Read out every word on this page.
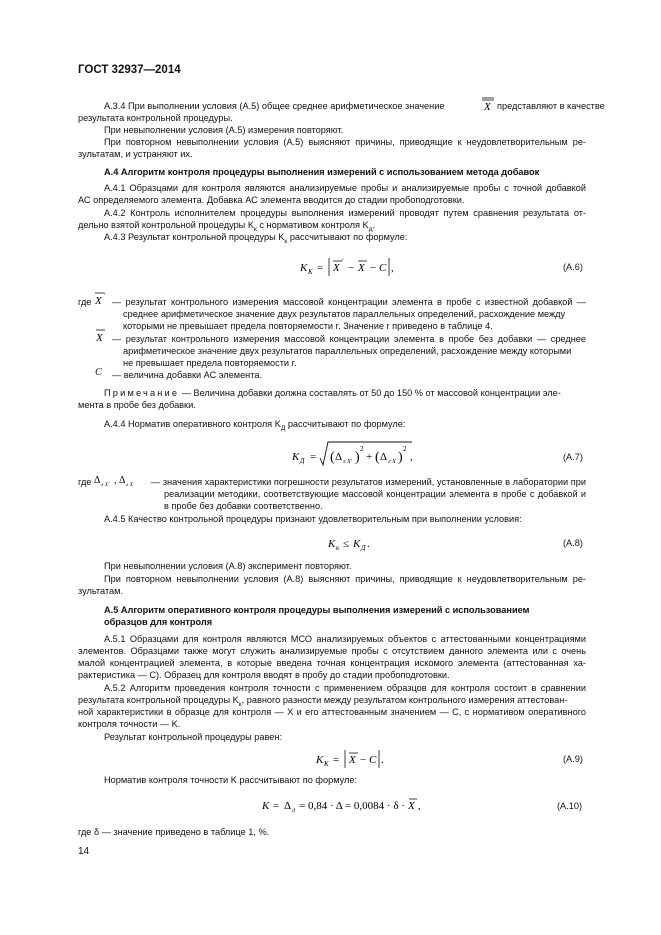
ГОСТ 32937—2014
А.3.4 При выполнении условия (А.5) общее среднее арифметическое значение	X представляют в качестве
результата контрольной процедуры.
При невыполнении условия (А.5) измерения повторяют.
При повторном невыполнении условия (А.5) выясняют причины, приводящие к неудовлетворительным ре-
зультатам, и устраняют их.
А.4 Алгоритм контроля процедуры выполнения измерений с использованием метода добавок
А.4.1 Образцами для контроля являются анализируемые пробы и анализируемые пробы с точной добавкой
АС определяемого элемента. Добавка АС элемента вводится до стадии пробоподготовки.
А.4.2 Контроль исполнителем процедуры выполнения измерений проводят путем сравнения результата от-
дельно взятой контрольной процедуры $K_к$ с нормативом контроля $K_д$.
А.4.3 Результат контрольной процедуры $K_к$ рассчитывают по формуле:
K K = X
′
− X − C ,	(А.6)
где X ′
— результат контрольного измерения массовой концентрации элемента в пробе с известной добавкой —
среднее арифметическое значение двух результатов параллельных определений, расхождение между
которыми не превышает предела повторяемости r. Значение r приведено в таблице 4.
X — результат контрольного измерения массовой концентрации элемента в пробе без добавки — среднее
арифметическое значение двух результатов параллельных определений, расхождение между которыми
не превышает предела повторяемости r.
C — величина добавки АС элемента.
Примечание — Величина добавки должна составлять от 50 до 150 % от массовой концентрации эле-
мента в пробе без добавки.
А.4.4 Норматив оперативного контроля $K_Д$ рассчитывают по формуле:
K Д = ( Δ л X′ )
2
+ ( Δ л X )
2
,	(А.7)
где Δ л X′ , Δ л X — значения характеристики погрешности результатов измерений, установленные в лаборатории при
реализации методики, соответствующие массовой концентрации элемента в пробе с добавкой и
в пробе без добавки соответственно.
А.4.5 Качество контрольной процедуры признают удовлетворительным при выполнении условия:
K к ≤ K Д .	(А.8)
При невыполнении условия (А.8) эксперимент повторяют.
При повторном невыполнении условия (А.8) выясняют причины, приводящие к неудовлетворительным ре-
зультатам.
А.5 Алгоритм оперативного контроля процедуры выполнения измерений с использованием
образцов для контроля
А.5.1 Образцами для контроля являются МСО анализируемых объектов с аттестованными концентрациями
элементов. Образцами также могут служить анализируемые пробы с отсутствием данного элемента или с очень
малой концентрацией элемента, в которые введена точная концентрация искомого элемента (аттестованная ха-
рактеристика — C). Образец для контроля вводят в пробу до стадии пробоподготовки.
А.5.2 Алгоритм проведения контроля точности с применением образцов для контроля состоит в сравнении
результата контрольной процедуры $K_к$, равного разности между результатом контрольного измерения аттестован-
ной характеристики в образце для контроля — X и его аттестованным значением — C, с нормативом оперативного
контроля точности — K.
Результат контрольной процедуры равен:
K K = X − C .	(А.9)
Норматив контроля точности K рассчитывают по формуле:
K = Δ л = 0,84 · Δ = 0,0084 · δ · X ,	(А.10)
где δ — значение приведено в таблице 1, %.
14
